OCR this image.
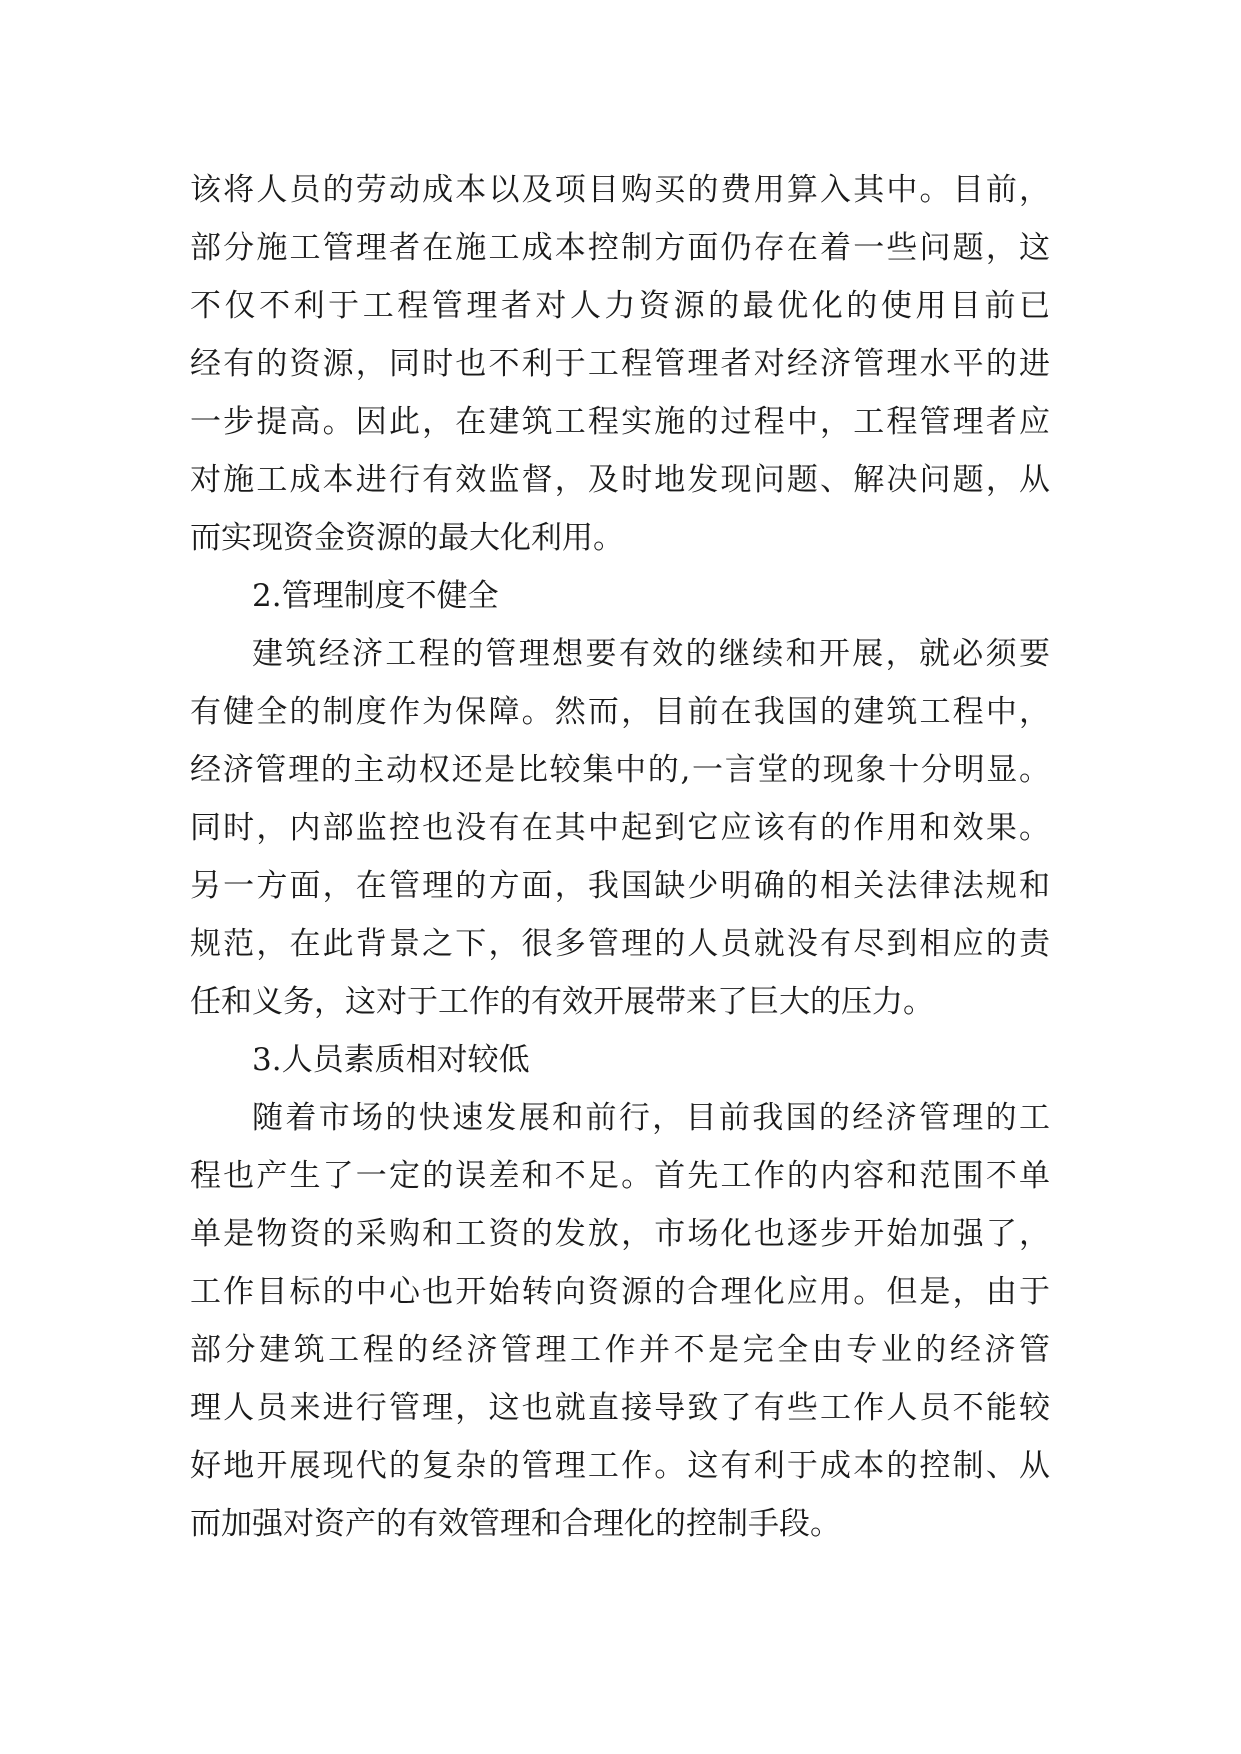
该将人员的劳动成本以及项目购买的费用算入其中。目前，
部分施工管理者在施工成本控制方面仍存在着一些问题，这
不仅不利于工程管理者对人力资源的最优化的使用目前已
经有的资源，同时也不利于工程管理者对经济管理水平的进
一步提高。因此，在建筑工程实施的过程中，工程管理者应
对施工成本进行有效监督，及时地发现问题、解决问题，从
而实现资金资源的最大化利用。
2.管理制度不健全
建筑经济工程的管理想要有效的继续和开展，就必须要
有健全的制度作为保障。然而，目前在我国的建筑工程中，
经济管理的主动权还是比较集中的,一言堂的现象十分明显。
同时，内部监控也没有在其中起到它应该有的作用和效果。
另一方面，在管理的方面，我国缺少明确的相关法律法规和
规范，在此背景之下，很多管理的人员就没有尽到相应的责
任和义务，这对于工作的有效开展带来了巨大的压力。
3.人员素质相对较低
随着市场的快速发展和前行，目前我国的经济管理的工
程也产生了一定的误差和不足。首先工作的内容和范围不单
单是物资的采购和工资的发放，市场化也逐步开始加强了，
工作目标的中心也开始转向资源的合理化应用。但是，由于
部分建筑工程的经济管理工作并不是完全由专业的经济管
理人员来进行管理，这也就直接导致了有些工作人员不能较
好地开展现代的复杂的管理工作。这有利于成本的控制、从
而加强对资产的有效管理和合理化的控制手段。
